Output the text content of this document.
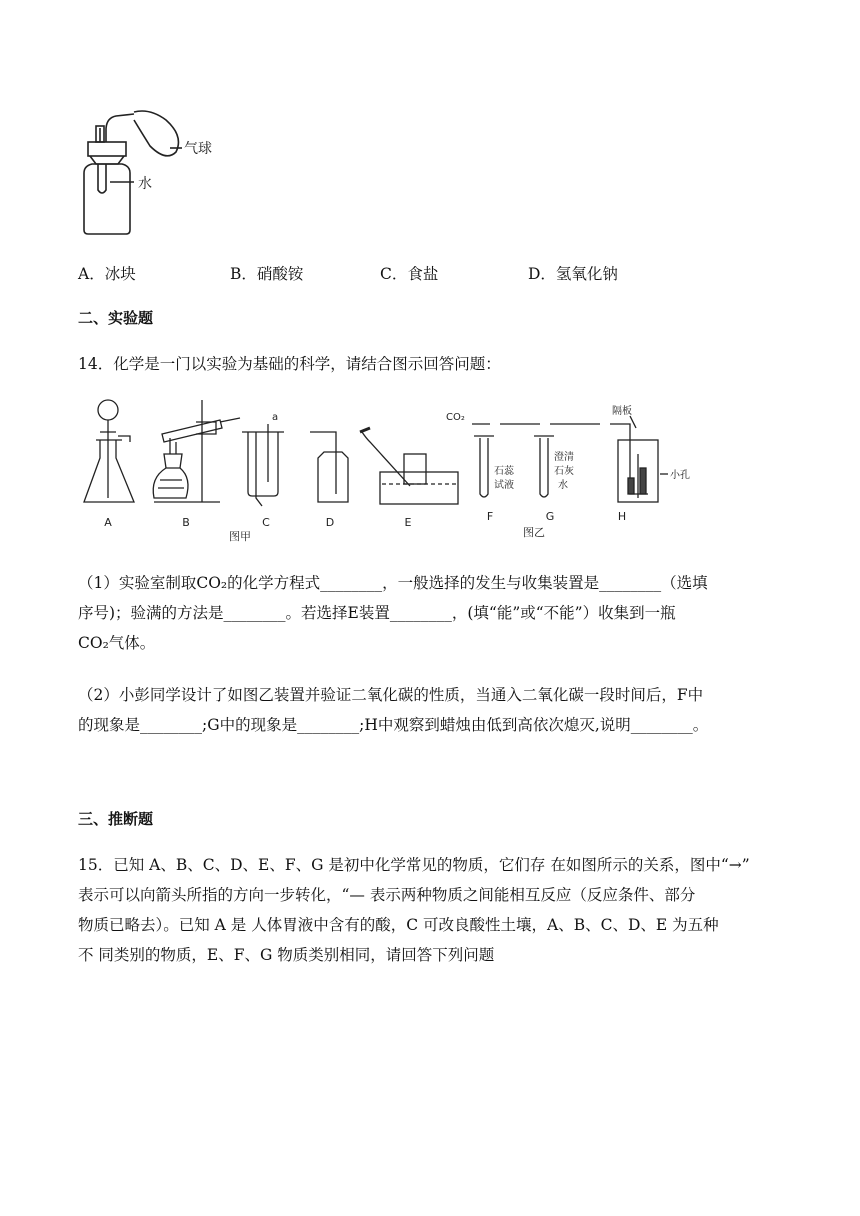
气球
水
A．冰块	B．硝酸铵	C．食盐	D．氢氧化钠
二、实验题
14．化学是一门以实验为基础的科学，请结合图示回答问题：
A	B	C	D	E	F	G	H
图甲	图乙
a	CO₂
石蕊
试液
澄清
石灰
水
隔板
小孔
（1）实验室制取CO₂的化学方程式________，一般选择的发生与收集装置是________（选填
序号)；验满的方法是________。若选择E装置________，(填“能”或“不能”）收集到一瓶
CO₂气体。
（2）小彭同学设计了如图乙装置并验证二氧化碳的性质，当通入二氧化碳一段时间后，F中
的现象是________;G中的现象是________;H中观察到蜡烛由低到高依次熄灭,说明________。
三、推断题
15．已知 A、B、C、D、E、F、G 是初中化学常见的物质，它们存 在如图所示的关系，图中“→”
表示可以向箭头所指的方向一步转化，“— 表示两种物质之间能相互反应（反应条件、部分
物质已略去）。已知 A 是 人体胃液中含有的酸，C 可改良酸性土壤，A、B、C、D、E 为五种
不 同类别的物质，E、F、G 物质类别相同，请回答下列问题
